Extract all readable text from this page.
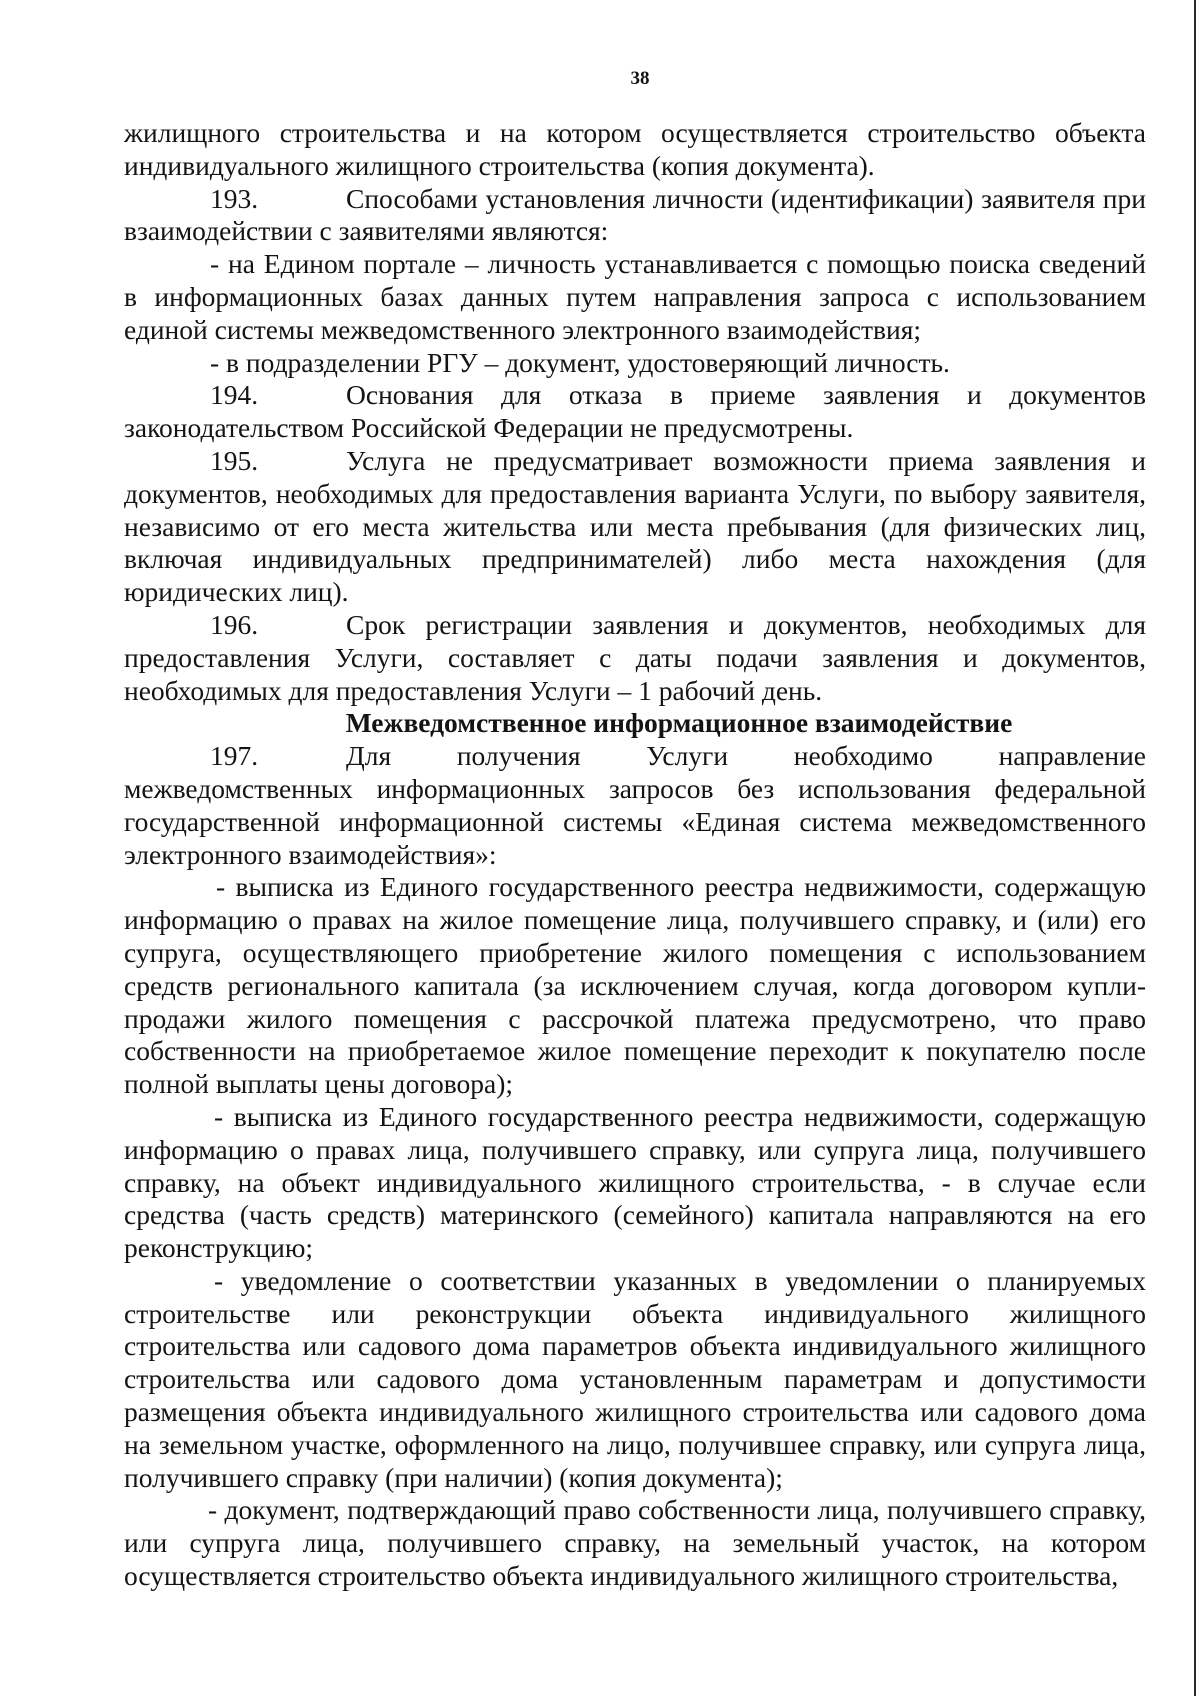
38

жилищного строительства и на котором осуществляется строительство объекта индивидуального жилищного строительства (копия документа).

193.	Способами установления личности (идентификации) заявителя при взаимодействии с заявителями являются:

- на Едином портале – личность устанавливается с помощью поиска сведений в информационных базах данных путем направления запроса с использованием единой системы межведомственного электронного взаимодействия;

- в подразделении РГУ – документ, удостоверяющий личность.

194.	Основания для отказа в приеме заявления и документов законодательством Российской Федерации не предусмотрены.

195.	Услуга не предусматривает возможности приема заявления и документов, необходимых для предоставления варианта Услуги, по выбору заявителя, независимо от его места жительства или места пребывания (для физических лиц, включая индивидуальных предпринимателей) либо места нахождения (для юридических лиц).

196.	Срок регистрации заявления и документов, необходимых для предоставления Услуги, составляет с даты подачи заявления и документов, необходимых для предоставления Услуги – 1 рабочий день.

Межведомственное информационное взаимодействие

197.	Для получения Услуги необходимо направление межведомственных информационных запросов без использования федеральной государственной информационной системы «Единая система межведомственного электронного взаимодействия»:

- выписка из Единого государственного реестра недвижимости, содержащую информацию о правах на жилое помещение лица, получившего справку, и (или) его супруга, осуществляющего приобретение жилого помещения с использованием средств регионального капитала (за исключением случая, когда договором купли-продажи жилого помещения с рассрочкой платежа предусмотрено, что право собственности на приобретаемое жилое помещение переходит к покупателю после полной выплаты цены договора);

- выписка из Единого государственного реестра недвижимости, содержащую информацию о правах лица, получившего справку, или супруга лица, получившего справку, на объект индивидуального жилищного строительства, - в случае если средства (часть средств) материнского (семейного) капитала направляются на его реконструкцию;

- уведомление о соответствии указанных в уведомлении о планируемых строительстве или реконструкции объекта индивидуального жилищного строительства или садового дома параметров объекта индивидуального жилищного строительства или садового дома установленным параметрам и допустимости размещения объекта индивидуального жилищного строительства или садового дома на земельном участке, оформленного на лицо, получившее справку, или супруга лица, получившего справку (при наличии) (копия документа);

- документ, подтверждающий право собственности лица, получившего справку, или супруга лица, получившего справку, на земельный участок, на котором осуществляется строительство объекта индивидуального жилищного строительства,
